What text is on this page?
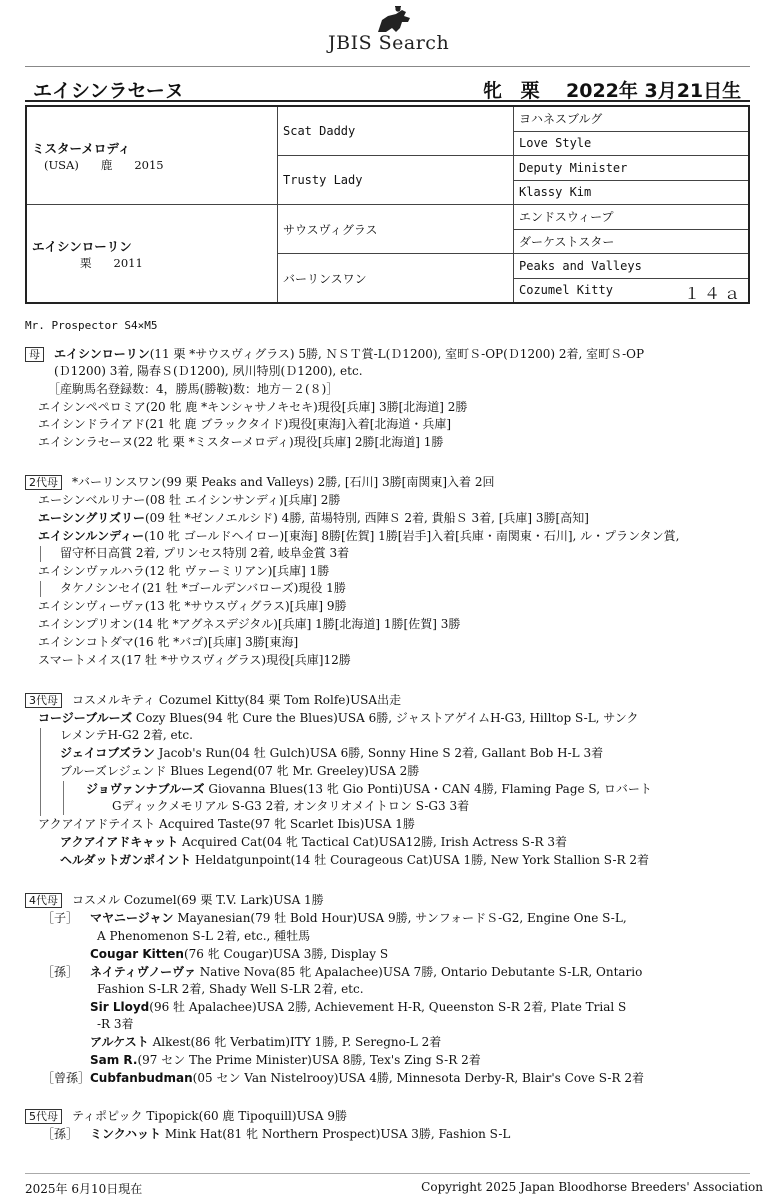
JBIS Search
エイシンラセーヌ	牝 栗 2022年 3月21日生
ミスターメロディ
(USA) 鹿 2015	Scat Daddy	ヨハネスブルグ
		Love Style
	Trusty Lady	Deputy Minister
		Klassy Kim

エイシンローリン
栗 2011	サウスヴィグラス	エンドスウィープ
		ダーケストスター
	バーリンスワン	Peaks and Valleys
		Cozumel Kitty １４ａ
Mr. Prospector S4×M5
母 エイシンローリン(11 栗 *サウスヴィグラス) 5勝, ＮＳＴ賞-L(Ｄ1200), 室町Ｓ-OP(Ｄ1200) 2着, 室町Ｓ-OP
(Ｄ1200) 3着, 陽春Ｓ(Ｄ1200), 夙川特別(Ｄ1200), etc.
［産駒馬名登録数：4，勝馬(勝鞍)数：地方－２(８)］
エイシンペペロミア(20 牝 鹿 *キンシャサノキセキ)現役[兵庫] 3勝[北海道] 2勝
エイシンドライアド(21 牝 鹿 ブラックタイド)現役[東海]入着[北海道・兵庫]
エイシンラセーヌ(22 牝 栗 *ミスターメロディ)現役[兵庫] 2勝[北海道] 1勝
2代母 *バーリンスワン(99 栗 Peaks and Valleys) 2勝, [石川] 3勝[南関東]入着 2回
エーシンベルリナー(08 牡 エイシンサンディ)[兵庫] 2勝
エーシングリズリー(09 牡 *ゼンノエルシド) 4勝, 苗場特別, 西陣Ｓ 2着, 貴船Ｓ 3着, [兵庫] 3勝[高知]
エイシンルンディー(10 牝 ゴールドヘイロー)[東海] 8勝[佐賀] 1勝[岩手]入着[兵庫・南関東・石川], ル・プランタン賞,
留守杯日高賞 2着, プリンセス特別 2着, 岐阜金賞 3着
エイシンヴァルハラ(12 牝 ヴァーミリアン)[兵庫] 1勝
タケノシンセイ(21 牡 *ゴールデンバローズ)現役 1勝
エイシンヴィーヴァ(13 牝 *サウスヴィグラス)[兵庫] 9勝
エイシンプリオン(14 牝 *アグネスデジタル)[兵庫] 1勝[北海道] 1勝[佐賀] 3勝
エイシンコトダマ(16 牝 *バゴ)[兵庫] 3勝[東海]
スマートメイス(17 牡 *サウスヴィグラス)現役[兵庫]12勝
3代母 コスメルキティ Cozumel Kitty(84 栗 Tom Rolfe)USA出走
コージーブルーズ Cozy Blues(94 牝 Cure the Blues)USA 6勝, ジャストアゲイムH-G3, Hilltop S-L, サンク
レメンテH-G2 2着, etc.
ジェイコブズラン Jacob's Run(04 牡 Gulch)USA 6勝, Sonny Hine S 2着, Gallant Bob H-L 3着
ブルーズレジェンド Blues Legend(07 牝 Mr. Greeley)USA 2勝
ジョヴァンナブルーズ Giovanna Blues(13 牝 Gio Ponti)USA・CAN 4勝, Flaming Page S, ロバート
Gディックメモリアル S-G3 2着, オンタリオメイトロン S-G3 3着
アクアイアドテイスト Acquired Taste(97 牝 Scarlet Ibis)USA 1勝
アクアイアドキャット Acquired Cat(04 牝 Tactical Cat)USA12勝, Irish Actress S-R 3着
ヘルダットガンポイント Heldatgunpoint(14 牡 Courageous Cat)USA 1勝, New York Stallion S-R 2着
4代母 コスメル Cozumel(69 栗 T.V. Lark)USA 1勝
［子］ マヤニージャン Mayanesian(79 牡 Bold Hour)USA 9勝, サンフォードＳ-G2, Engine One S-L,
A Phenomenon S-L 2着, etc., 種牡馬
Cougar Kitten(76 牝 Cougar)USA 3勝, Display S
［孫］ ネイティヴノーヴァ Native Nova(85 牝 Apalachee)USA 7勝, Ontario Debutante S-LR, Ontario
Fashion S-LR 2着, Shady Well S-LR 2着, etc.
Sir Lloyd(96 牡 Apalachee)USA 2勝, Achievement H-R, Queenston S-R 2着, Plate Trial S
-R 3着
アルケスト Alkest(86 牝 Verbatim)ITY 1勝, P. Seregno-L 2着
Sam R.(97 セン The Prime Minister)USA 8勝, Tex's Zing S-R 2着
［曾孫］Cubfanbudman(05 セン Van Nistelrooy)USA 4勝, Minnesota Derby-R, Blair's Cove S-R 2着
5代母 ティポピック Tipopick(60 鹿 Tipoquill)USA 9勝
［孫］ ミンクハット Mink Hat(81 牝 Northern Prospect)USA 3勝, Fashion S-L
2025年 6月10日現在	Copyright 2025 Japan Bloodhorse Breeders' Association
